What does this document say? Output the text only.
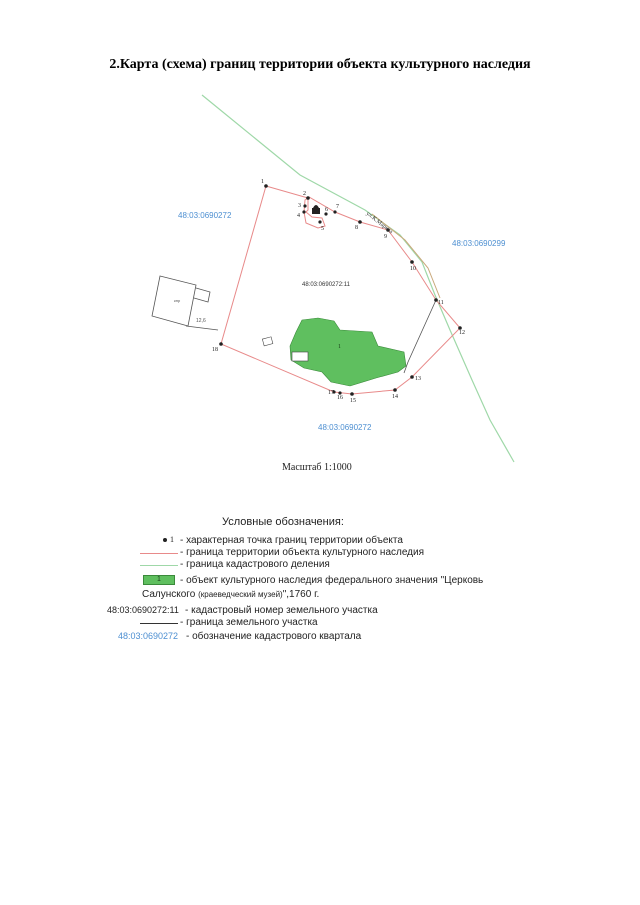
2.Карта (схема) границ территории объекта культурного наследия
кнр
12,6
1
1
2
3
4
5
6 7
8
9
10
11
12
13
14
15
16
17
18
48:03:0690272
48:03:0690299
48:03:0690272
48:03:0690272:11
ул.К.Маркса
Масштаб 1:1000
Условные обозначения:
1 - характерная точка границ территории объекта
- граница территории объекта культурного наследия
- граница кадастрового деления
1	- объект культурного наследия федерального значения "Церковь
Салунского (краеведческий музей)",1760 г.
48:03:0690272:11 - кадастровый номер земельного участка
- граница земельного участка
48:03:0690272 - обозначение кадастрового квартала
